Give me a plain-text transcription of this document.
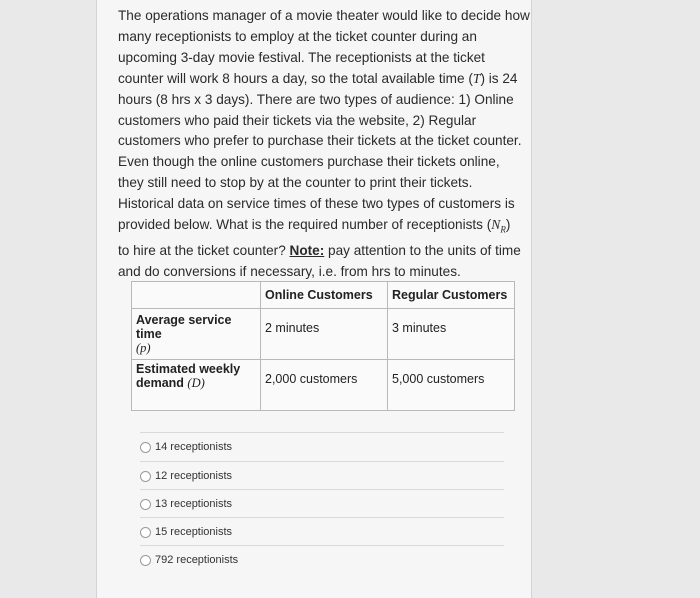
The operations manager of a movie theater would like to decide how
many receptionists to employ at the ticket counter during an
upcoming 3-day movie festival. The receptionists at the ticket
counter will work 8 hours a day, so the total available time (T) is 24
hours (8 hrs x 3 days). There are two types of audience: 1) Online
customers who paid their tickets via the website, 2) Regular
customers who prefer to purchase their tickets at the ticket counter.
Even though the online customers purchase their tickets online,
they still need to stop by at the counter to print their tickets.
Historical data on service times of these two types of customers is
provided below. What is the required number of receptionists $(N_R)$
to hire at the ticket counter? Note: pay attention to the units of time
and do conversions if necessary, i.e. from hrs to minutes.
	Online Customers	Regular Customers
Average service time
(p)	2 minutes	3 minutes
Estimated weekly
demand (D)	2,000 customers	5,000 customers
14 receptionists
12 receptionists
13 receptionists
15 receptionists
792 receptionists
